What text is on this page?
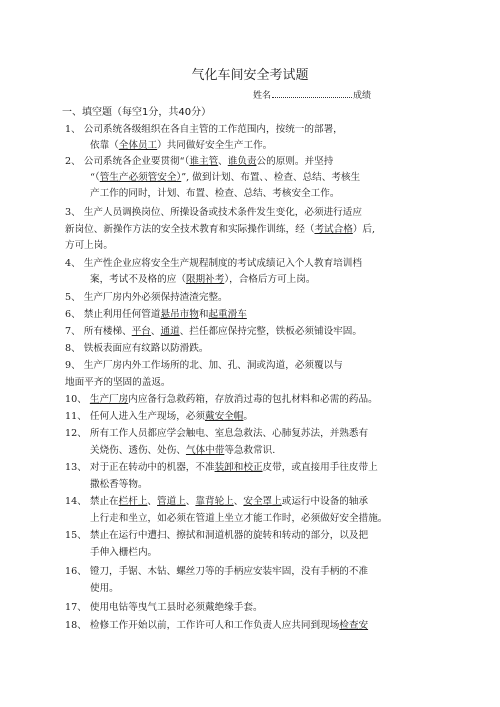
气化车间安全考试题
姓名	成绩
一、填空题（每空1分，共40分）
1、 公司系统各级组织在各自主管的工作范围内，按统一的部署，
依靠（全体员工）共同做好安全生产工作。
2、 公司系统各企业要贯彻“（谁主管、谁负责公的原则。并坚持
“（管生产必须管安全）”, 做到计划、布置、、检查、总结、考核生
产工作的同时，计划、布置、检查、总结、考核安全工作。
3、 生产人员调换岗位、所操设备或技术条件发生变化，必须进行适应
新岗位、新操作方法的安全技术教育和实际操作训练，经（考试合格）后,
方可上岗。
4、 生产性企业应将安全生产规程制度的考试成绩记入个人教育培训档
案，考试不及格的应（限期补考），合格后方可上岗。
5、 生产厂房内外必须保持渣渣完整。
6、 禁止利用任何管道悬吊市物和起重滑车
7、 所有楼梯、平台、通道、拦任都应保持完整，铁板必须铺设牢固。
8、 铁板表面应有纹路以防滑跌。
9、 生产厂房内外工作场所的北、加、孔、洞或沟道，必须覆以与
地面平齐的坚固的盖返。
10、 生产厂房内应备行急救药箱，存放消过毒的包扎材料和必需的药品。
11、 任何人进入生产现场，必须戴安全帽。
12、 所有工作人员都应学会触电、室息急救法、心肺复苏法，并熟悉有
关烧伤、透伤、处伤、气体中带等急救常识.
13、 对于正在转动中的机器，不准装卸和校正皮带，或直接用手往皮带上
撒松香等物。
14、 禁止在栏杆上、管道上、靠背轮上、安全罩上或运行中设备的轴承
上行走和坐立，如必须在管道上坐立才能工作时，必须做好安全措施。
15、 禁止在运行中遭扫、擦拭和洞道机器的旋转和转动的部分，以及把
手伸入栅栏内。
16、 镫刀，手锯、木钻、螺丝刀等的手柄应安装牢固，没有手柄的不准
使用。
17、 使用电钻等曳气工县时必须戴绝缘手套。
18、 检修工作开始以前，工作许可人和工作负责人应共同到现场检查安
